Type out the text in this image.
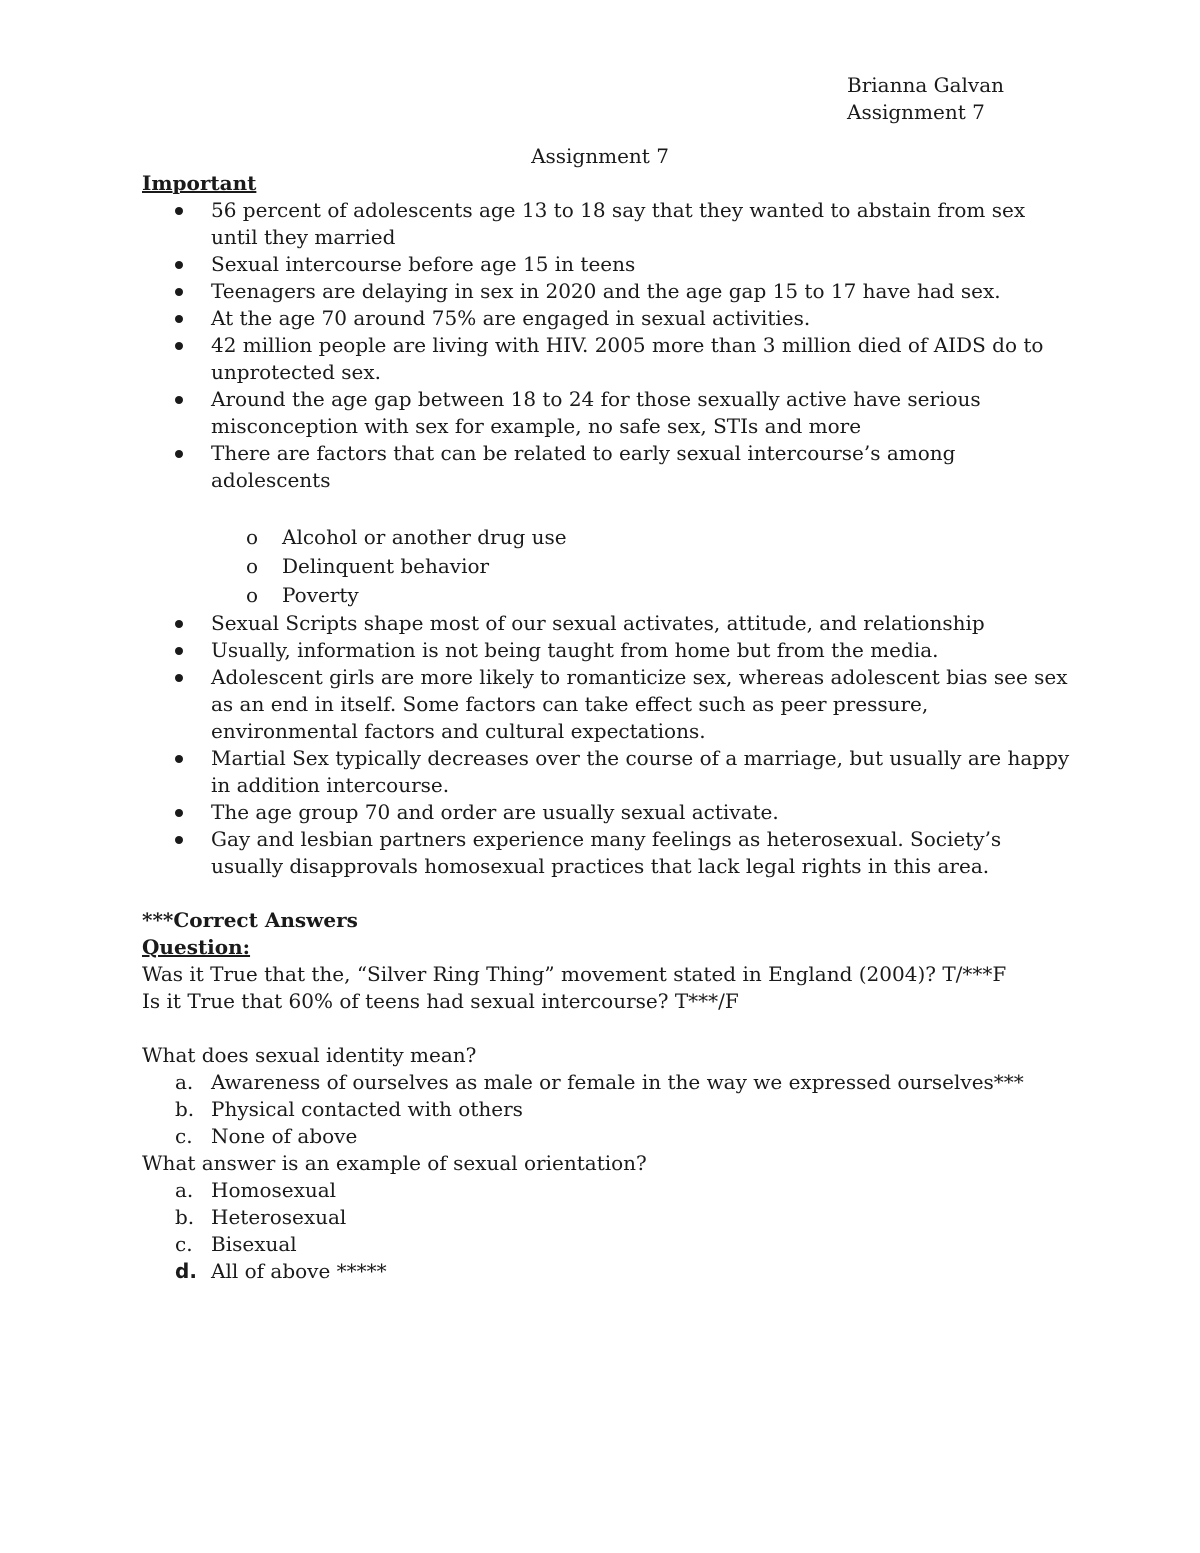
Brianna Galvan
Assignment 7
Assignment 7
Important
56 percent of adolescents age 13 to 18 say that they wanted to abstain from sex until they married
Sexual intercourse before age 15 in teens
Teenagers are delaying in sex in 2020 and the age gap 15 to 17 have had sex.
At the age 70 around 75% are engaged in sexual activities.
42 million people are living with HIV. 2005 more than 3 million died of AIDS do to unprotected sex.
Around the age gap between 18 to 24 for those sexually active have serious misconception with sex for example, no safe sex, STIs and more
There are factors that can be related to early sexual intercourse’s among adolescents
o Alcohol or another drug use
o Delinquent behavior
o Poverty
Sexual Scripts shape most of our sexual activates, attitude, and relationship
Usually, information is not being taught from home but from the media.
Adolescent girls are more likely to romanticize sex, whereas adolescent bias see sex as an end in itself. Some factors can take effect such as peer pressure, environmental factors and cultural expectations.
Martial Sex typically decreases over the course of a marriage, but usually are happy in addition intercourse.
The age group 70 and order are usually sexual activate.
Gay and lesbian partners experience many feelings as heterosexual. Society’s usually disapprovals homosexual practices that lack legal rights in this area.
***Correct Answers
Question:
Was it True that the, “Silver Ring Thing” movement stated in England (2004)? T/***F
Is it True that 60% of teens had sexual intercourse? T***/F
What does sexual identity mean?
a. Awareness of ourselves as male or female in the way we expressed ourselves***
b. Physical contacted with others
c. None of above
What answer is an example of sexual orientation?
a. Homosexual
b. Heterosexual
c. Bisexual
d. All of above *****
